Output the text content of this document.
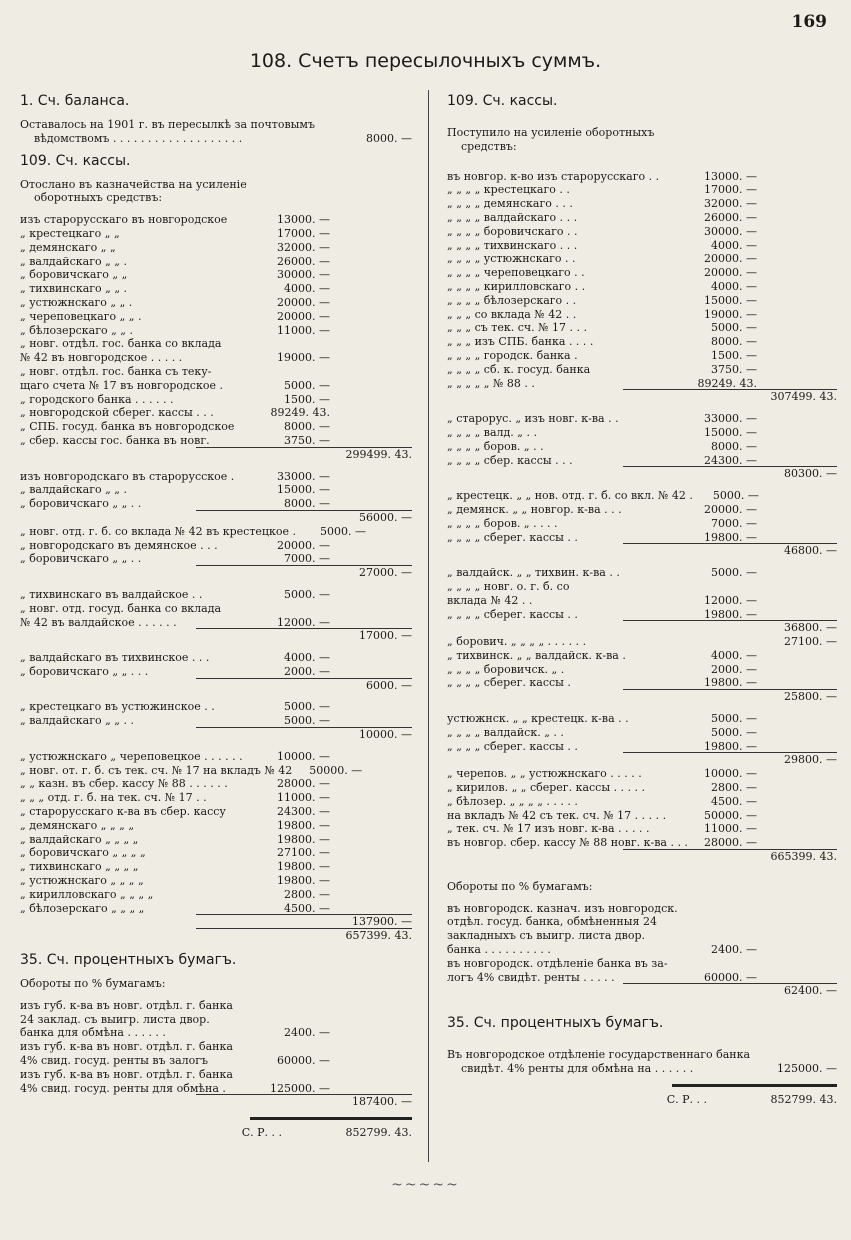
169
108. Счетъ пересылочныхъ суммъ.
1. Сч. баланса.
Оставалось на 1901 г. въ пересылкѣ за почтовымъ
вѣдомствомъ . . . . . . . . . . . . . . . . . . .	8000. —
109. Сч. кассы.
Отослано въ казначейства на усиленіе
оборотныхъ средствъ:
изъ старорусскаго въ новгородское	13000. —
„ крестецкаго „ „	17000. —
„ демянскаго „ „	32000. —
„ валдайскаго „ „ .	26000. —
„ боровичскаго „ „	30000. —
„ тихвинскаго „ „ .	4000. —
„ устюжнскаго „ „ .	20000. —
„ череповецкаго „ „ .	20000. —
„ бѣлозерскаго „ „ .	11000. —
„ новг. отдѣл. гос. банка со вклада
№ 42 въ новгородское . . . . .	19000. —
„ новг. отдѣл. гос. банка съ теку-
щаго счета № 17 въ новгородское .	5000. —
„ городского банка . . . . . .	1500. —
„ новгородской сберег. кассы . . .	89249. 43.
„ СПБ. госуд. банка въ новгородское	8000. —
„ сбер. кассы гос. банка въ новг.	3750. —
299499. 43.
изъ новгородскаго въ старорусское .	33000. —
„ валдайскаго „ „ .	15000. —
„ боровичскаго „ „ . .	8000. —
56000. —
„ новг. отд. г. б. со вклада № 42 въ крестецкое .	5000. —
„ новгородскаго въ демянское . . .	20000. —
„ боровичскаго „ „ . .	7000. —
27000. —
„ тихвинскаго въ валдайское . .	5000. —
„ новг. отд. госуд. банка со вклада
№ 42 въ валдайское . . . . . .	12000. —
17000. —
„ валдайскаго въ тихвинское . . .	4000. —
„ боровичскаго „ „ . . .	2000. —
6000. —
„ крестецкаго въ устюжинское . .	5000. —
„ валдайскаго „ „ . .	5000. —
10000. —
„ устюжнскаго „ череповецкое . . . . . .	10000. —
„ новг. от. г. б. съ тек. сч. № 17 на вкладъ № 42	50000. —
„ „ казн. въ сбер. кассу № 88 . . . . . .	28000. —
„ „ „ отд. г. б. на тек. сч. № 17 . .	11000. —
„ старорусскаго к-ва въ сбер. кассу	24300. —
„ демянскаго „ „ „ „	19800. —
„ валдайскаго „ „ „ „	19800. —
„ боровичскаго „ „ „ „	27100. —
„ тихвинскаго „ „ „ „	19800. —
„ устюжнскаго „ „ „ „	19800. —
„ кирилловскаго „ „ „ „	2800. —
„ бѣлозерскаго „ „ „ „	4500. —
137900. —
657399. 43.
35. Сч. процентныхъ бумагъ.
Обороты по % бумагамъ:
изъ губ. к-ва въ новг. отдѣл. г. банка
24 заклад. съ выигр. листа двор.
банка для обмѣна . . . . . .	2400. —
изъ губ. к-ва въ новг. отдѣл. г. банка
4% свид. госуд. ренты въ залогъ	60000. —
изъ губ. к-ва въ новг. отдѣл. г. банка
4% свид. госуд. ренты для обмѣна .	125000. —
187400. —
С. Р. . .	852799. 43.
109. Сч. кассы.
Поступило на усиленіе оборотныхъ
средствъ:
въ новгор. к-во изъ старорусскаго . .	13000. —
„ „ „ „ крестецкаго . .	17000. —
„ „ „ „ демянскаго . . .	32000. —
„ „ „ „ валдайскаго . . .	26000. —
„ „ „ „ боровичскаго . .	30000. —
„ „ „ „ тихвинскаго . . .	4000. —
„ „ „ „ устюжнскаго . .	20000. —
„ „ „ „ череповецкаго . .	20000. —
„ „ „ „ кирилловскаго . .	4000. —
„ „ „ „ бѣлозерскаго . .	15000. —
„ „ „ со вклада № 42 . .	19000. —
„ „ „ съ тек. сч. № 17 . . .	5000. —
„ „ „ изъ СПБ. банка . . . .	8000. —
„ „ „ „ городск. банка .	1500. —
„ „ „ „ сб. к. госуд. банка	3750. —
„ „ „ „ „ № 88 . .	89249. 43.
307499. 43.
„ старорус. „ изъ новг. к-ва . .	33000. —
„ „ „ „ валд. „ . .	15000. —
„ „ „ „ боров. „ . .	8000. —
„ „ „ „ сбер. кассы . . .	24300. —
80300. —
„ крестецк. „ „ нов. отд. г. б. со вкл. № 42 .	5000. —
„ демянск. „ „ новгор. к-ва . . .	20000. —
„ „ „ „ боров. „ . . . .	7000. —
„ „ „ „ сберег. кассы . .	19800. —
46800. —
„ валдайск. „ „ тихвин. к-ва . .	5000. —
„ „ „ „ новг. о. г. б. со
вклада № 42 . .	12000. —
„ „ „ „ сберег. кассы . .	19800. —
36800. —
„ борович. „ „ „ „ . . . . . .	27100. —
„ тихвинск. „ „ валдайск. к-ва .	4000. —
„ „ „ „ боровичск. „ .	2000. —
„ „ „ „ сберег. кассы .	19800. —
25800. —
устюжнск. „ „ крестецк. к-ва . .	5000. —
„ „ „ „ валдайск. „ . .	5000. —
„ „ „ „ сберег. кассы . .	19800. —
29800. —
„ черепов. „ „ устюжнскаго . . . . .	10000. —
„ кирилов. „ „ сберег. кассы . . . . .	2800. —
„ бѣлозер. „ „ „ „ . . . . .	4500. —
на вкладъ № 42 съ тек. сч. № 17 . . . . .	50000. —
„ тек. сч. № 17 изъ новг. к-ва . . . . .	11000. —
въ новгор. сбер. кассу № 88 новг. к-ва . . .	28000. —
665399. 43.
Обороты по % бумагамъ:
въ новгородск. казнач. изъ новгородск.
отдѣл. госуд. банка, обмѣненныя 24
закладныхъ съ выигр. листа двор.
банка . . . . . . . . . .	2400. —
въ новгородск. отдѣленіе банка въ за-
логъ 4% свидѣт. ренты . . . . .	60000. —
62400. —
35. Сч. процентныхъ бумагъ.
Въ новгородское отдѣленіе государственнаго банка
свидѣт. 4% ренты для обмѣна на . . . . . .	125000. —
С. Р. . .	852799. 43.
~~~~~
